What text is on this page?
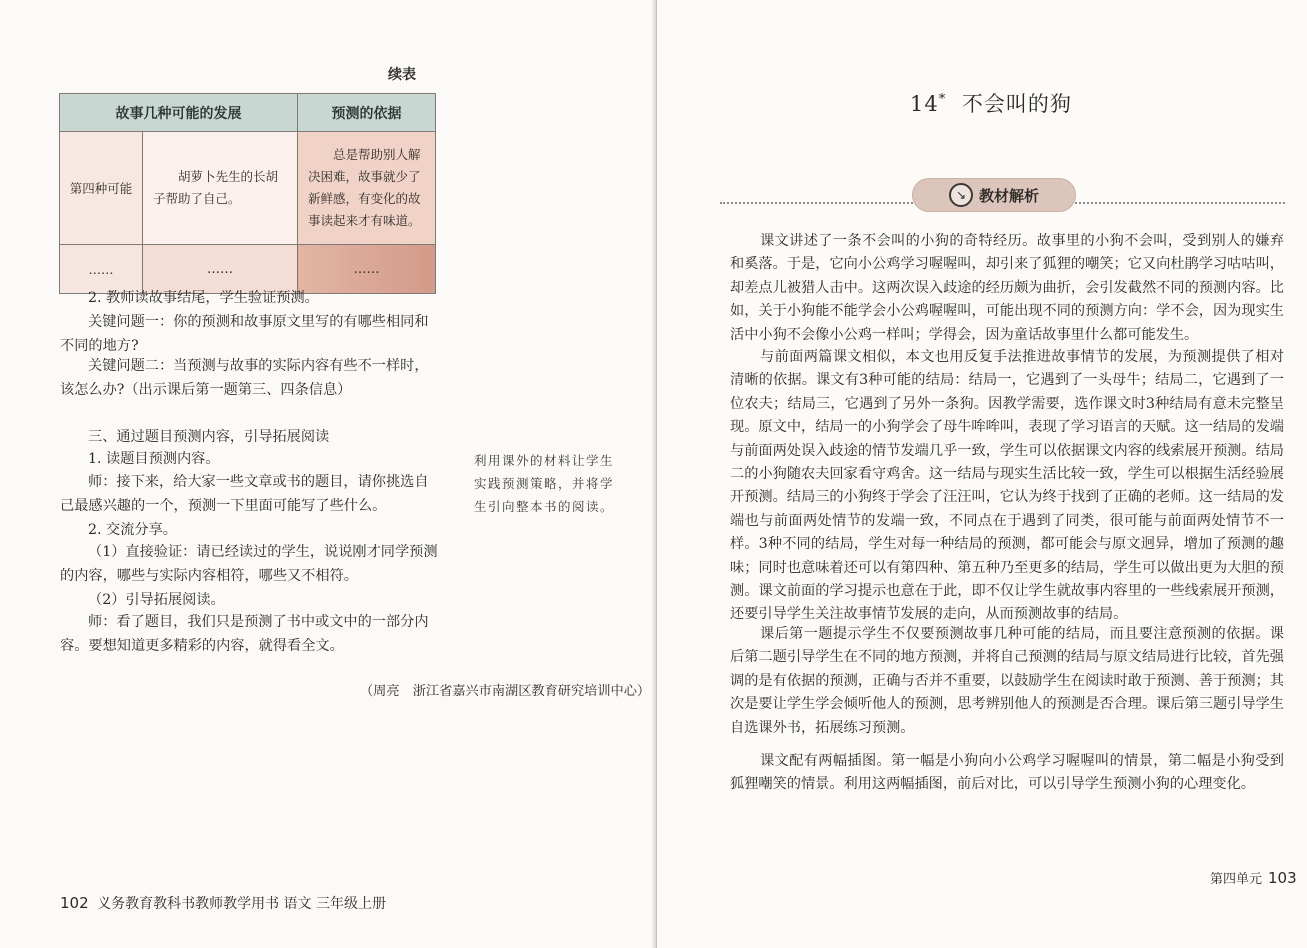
续表
故事几种可能的发展		预测的依据
第四种可能	胡萝卜先生的长胡子帮助了自己。	总是帮助别人解决困难，故事就少了新鲜感，有变化的故事读起来才有味道。
……	……	……
2. 教师读故事结尾，学生验证预测。
关键问题一：你的预测和故事原文里写的有哪些相同和不同的地方?
关键问题二：当预测与故事的实际内容有些不一样时，该怎么办?（出示课后第一题第三、四条信息）
三、通过题目预测内容，引导拓展阅读
1. 读题目预测内容。
师：接下来，给大家一些文章或书的题目，请你挑选自己最感兴趣的一个，预测一下里面可能写了些什么。
2. 交流分享。
（1）直接验证：请已经读过的学生，说说刚才同学预测的内容，哪些与实际内容相符，哪些又不相符。
（2）引导拓展阅读。
师：看了题目，我们只是预测了书中或文中的一部分内容。要想知道更多精彩的内容，就得看全文。
利用课外的材料让学生实践预测策略，并将学生引向整本书的阅读。
（周亮　浙江省嘉兴市南湖区教育研究培训中心）
102 义务教育教科书教师教学用书 语文 三年级上册
14* 不会叫的狗
↘ 教材解析
课文讲述了一条不会叫的小狗的奇特经历。故事里的小狗不会叫，受到别人的嫌弃和奚落。于是，它向小公鸡学习喔喔叫，却引来了狐狸的嘲笑；它又向杜鹃学习咕咕叫，却差点儿被猎人击中。这两次误入歧途的经历颇为曲折，会引发截然不同的预测内容。比如，关于小狗能不能学会小公鸡喔喔叫，可能出现不同的预测方向：学不会，因为现实生活中小狗不会像小公鸡一样叫；学得会，因为童话故事里什么都可能发生。
与前面两篇课文相似，本文也用反复手法推进故事情节的发展，为预测提供了相对清晰的依据。课文有3种可能的结局：结局一，它遇到了一头母牛；结局二，它遇到了一位农夫；结局三，它遇到了另外一条狗。因教学需要，选作课文时3种结局有意未完整呈现。原文中，结局一的小狗学会了母牛哞哞叫，表现了学习语言的天赋。这一结局的发端与前面两处误入歧途的情节发端几乎一致，学生可以依据课文内容的线索展开预测。结局二的小狗随农夫回家看守鸡舍。这一结局与现实生活比较一致，学生可以根据生活经验展开预测。结局三的小狗终于学会了汪汪叫，它认为终于找到了正确的老师。这一结局的发端也与前面两处情节的发端一致，不同点在于遇到了同类，很可能与前面两处情节不一样。3种不同的结局，学生对每一种结局的预测，都可能会与原文迥异，增加了预测的趣味；同时也意味着还可以有第四种、第五种乃至更多的结局，学生可以做出更为大胆的预测。课文前面的学习提示也意在于此，即不仅让学生就故事内容里的一些线索展开预测，还要引导学生关注故事情节发展的走向，从而预测故事的结局。
课后第一题提示学生不仅要预测故事几种可能的结局，而且要注意预测的依据。课后第二题引导学生在不同的地方预测，并将自己预测的结局与原文结局进行比较，首先强调的是有依据的预测，正确与否并不重要，以鼓励学生在阅读时敢于预测、善于预测；其次是要让学生学会倾听他人的预测，思考辨别他人的预测是否合理。课后第三题引导学生自选课外书，拓展练习预测。
课文配有两幅插图。第一幅是小狗向小公鸡学习喔喔叫的情景，第二幅是小狗受到狐狸嘲笑的情景。利用这两幅插图，前后对比，可以引导学生预测小狗的心理变化。
第四单元 103
